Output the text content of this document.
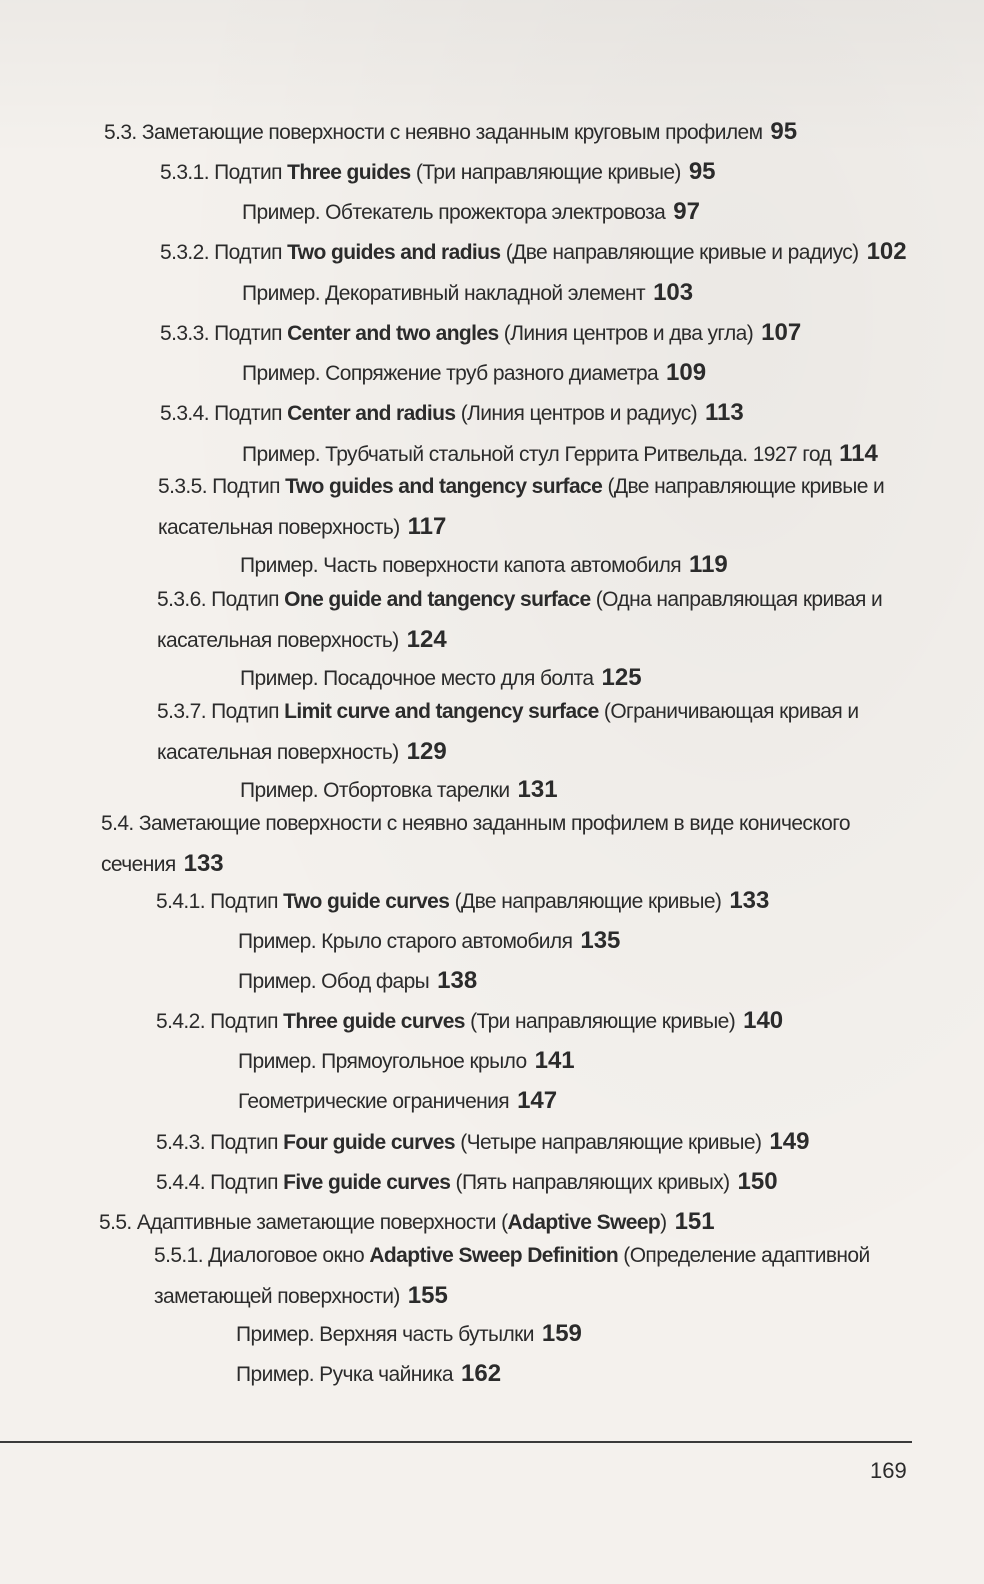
5.3. Заметающие поверхности с неявно заданным круговым профилем 95
5.3.1. Подтип Three guides (Три направляющие кривые) 95
Пример. Обтекатель прожектора электровоза 97
5.3.2. Подтип Two guides and radius (Две направляющие кривые и радиус) 102
Пример. Декоративный накладной элемент 103
5.3.3. Подтип Center and two angles (Линия центров и два угла) 107
Пример. Сопряжение труб разного диаметра 109
5.3.4. Подтип Center and radius (Линия центров и радиус) 113
Пример. Трубчатый стальной стул Геррита Ритвельда. 1927 год 114
5.3.5. Подтип Two guides and tangency surface (Две направляющие кривые и касательная поверхность) 117
Пример. Часть поверхности капота автомобиля 119
5.3.6. Подтип One guide and tangency surface (Одна направляющая кривая и касательная поверхность) 124
Пример. Посадочное место для болта 125
5.3.7. Подтип Limit curve and tangency surface (Ограничивающая кривая и касательная поверхность) 129
Пример. Отбортовка тарелки 131
5.4. Заметающие поверхности с неявно заданным профилем в виде конического сечения 133
5.4.1. Подтип Two guide curves (Две направляющие кривые) 133
Пример. Крыло старого автомобиля 135
Пример. Обод фары 138
5.4.2. Подтип Three guide curves (Три направляющие кривые) 140
Пример. Прямоугольное крыло 141
Геометрические ограничения 147
5.4.3. Подтип Four guide curves (Четыре направляющие кривые) 149
5.4.4. Подтип Five guide curves (Пять направляющих кривых) 150
5.5. Адаптивные заметающие поверхности (Adaptive Sweep) 151
5.5.1. Диалоговое окно Adaptive Sweep Definition (Определение адаптивной заметающей поверхности) 155
Пример. Верхняя часть бутылки 159
Пример. Ручка чайника 162
169
